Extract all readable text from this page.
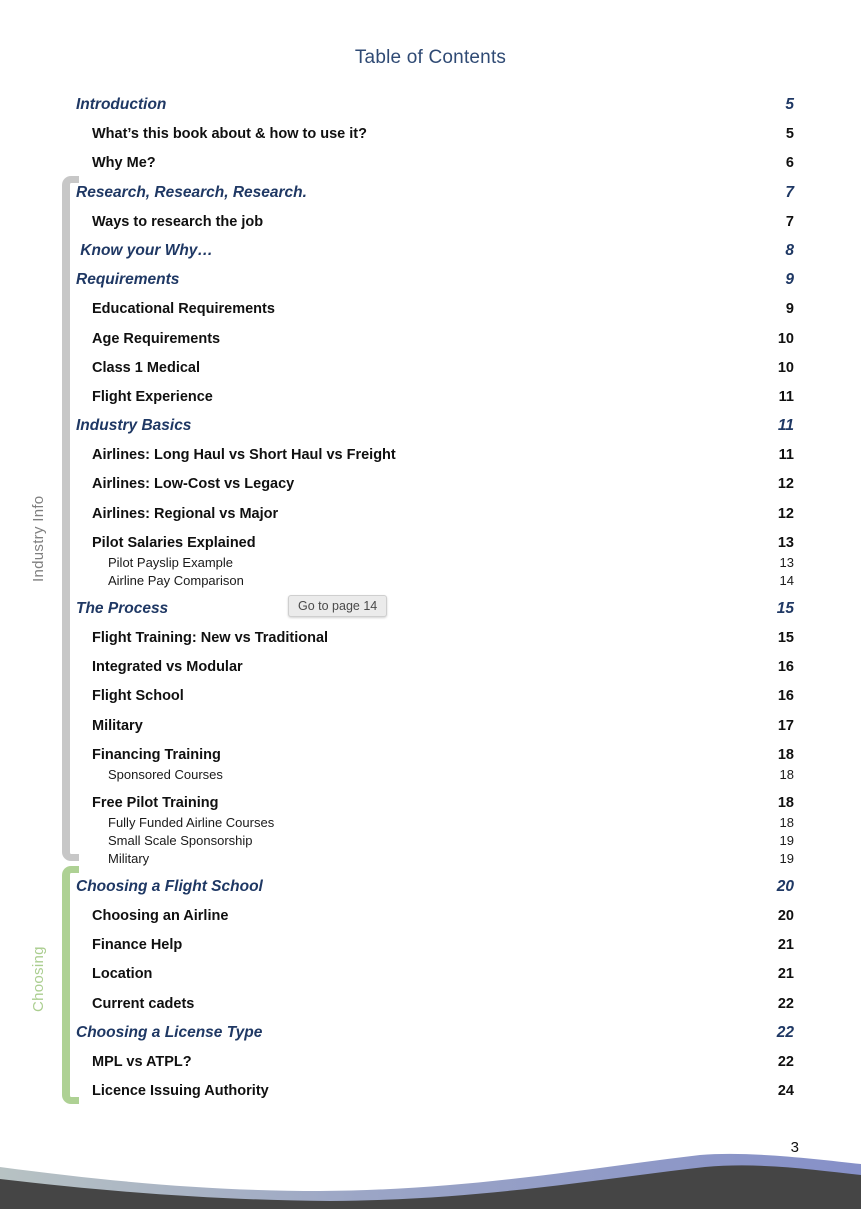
Table of Contents
Industry Info
Choosing
Introduction	5
What’s this book about & how to use it?	5
Why Me?	6
Research, Research, Research.	7
Ways to research the job	7
Know your Why…	8
Requirements	9
Educational Requirements	9
Age Requirements	10
Class 1 Medical	10
Flight Experience	11
Industry Basics	11
Airlines: Long Haul vs Short Haul vs Freight	11
Airlines: Low-Cost vs Legacy	12
Airlines: Regional vs Major	12
Pilot Salaries Explained	13
Pilot Payslip Example	13
Airline Pay Comparison	14
The Process	15
Flight Training: New vs Traditional	15
Integrated vs Modular	16
Flight School	16
Military	17
Financing Training	18
Sponsored Courses	18
Free Pilot Training	18
Fully Funded Airline Courses	18
Small Scale Sponsorship	19
Military	19
Choosing a Flight School	20
Choosing an Airline	20
Finance Help	21
Location	21
Current cadets	22
Choosing a License Type	22
MPL vs ATPL?	22
Licence Issuing Authority	24
Go to page 14
3
